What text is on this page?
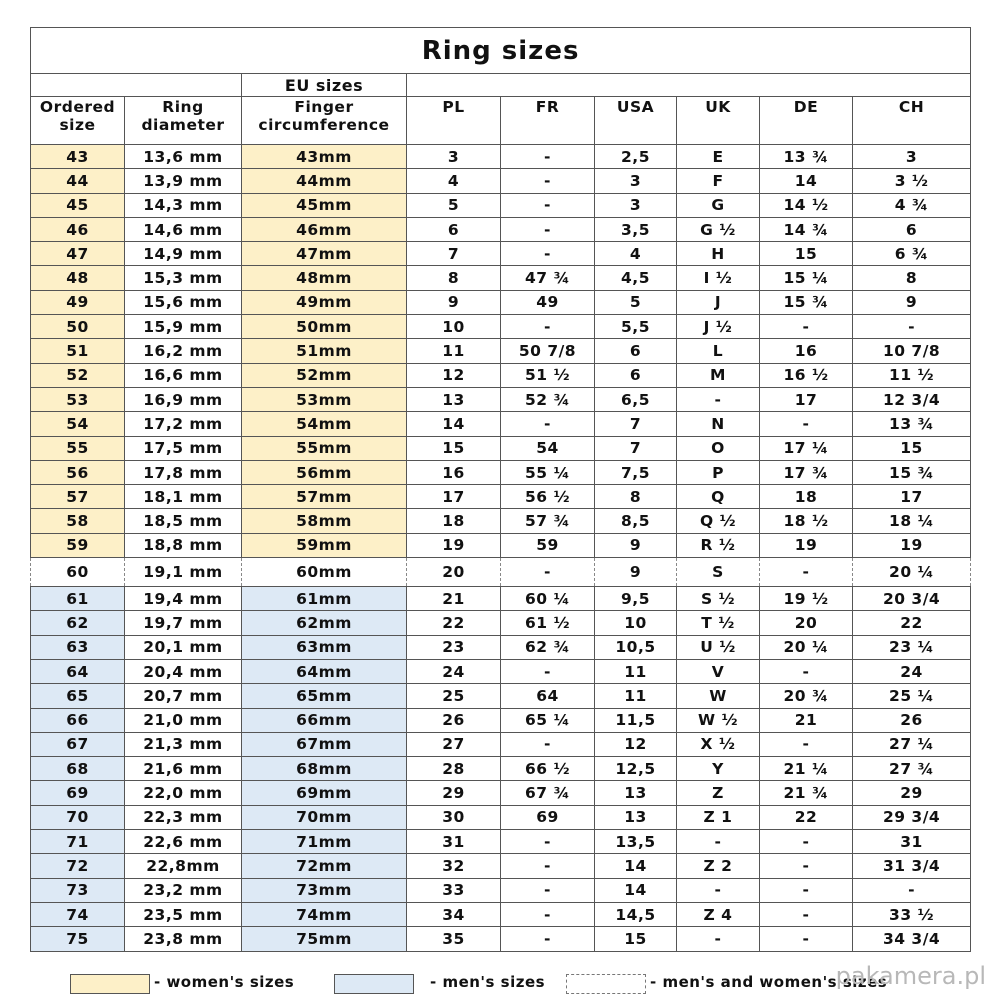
Ring sizes								
		EU sizes						
Ordered size	Ring diameter	Finger circumference	PL	FR	USA	UK	DE	CH
43	13,6 mm	43mm	3	-	2,5	E	13 ¾	3
44	13,9 mm	44mm	4	-	3	F	14	3 ½
45	14,3 mm	45mm	5	-	3	G	14 ½	4 ¾
46	14,6 mm	46mm	6	-	3,5	G ½	14 ¾	6
47	14,9 mm	47mm	7	-	4	H	15	6 ¾
48	15,3 mm	48mm	8	47 ¾	4,5	I ½	15 ¼	8
49	15,6 mm	49mm	9	49	5	J	15 ¾	9
50	15,9 mm	50mm	10	-	5,5	J ½	-	-
51	16,2 mm	51mm	11	50 7/8	6	L	16	10 7/8
52	16,6 mm	52mm	12	51 ½	6	M	16 ½	11 ½
53	16,9 mm	53mm	13	52 ¾	6,5	-	17	12 3/4
54	17,2 mm	54mm	14	-	7	N	-	13 ¾
55	17,5 mm	55mm	15	54	7	O	17 ¼	15
56	17,8 mm	56mm	16	55 ¼	7,5	P	17 ¾	15 ¾
57	18,1 mm	57mm	17	56 ½	8	Q	18	17
58	18,5 mm	58mm	18	57 ¾	8,5	Q ½	18 ½	18 ¼
59	18,8 mm	59mm	19	59	9	R ½	19	19
60	19,1 mm	60mm	20	-	9	S	-	20 ¼
61	19,4 mm	61mm	21	60 ¼	9,5	S ½	19 ½	20 3/4
62	19,7 mm	62mm	22	61 ½	10	T ½	20	22
63	20,1 mm	63mm	23	62 ¾	10,5	U ½	20 ¼	23 ¼
64	20,4 mm	64mm	24	-	11	V	-	24
65	20,7 mm	65mm	25	64	11	W	20 ¾	25 ¼
66	21,0 mm	66mm	26	65 ¼	11,5	W ½	21	26
67	21,3 mm	67mm	27	-	12	X ½	-	27 ¼
68	21,6 mm	68mm	28	66 ½	12,5	Y	21 ¼	27 ¾
69	22,0 mm	69mm	29	67 ¾	13	Z	21 ¾	29
70	22,3 mm	70mm	30	69	13	Z 1	22	29 3/4
71	22,6 mm	71mm	31	-	13,5	-	-	31
72	22,8mm	72mm	32	-	14	Z 2	-	31 3/4
73	23,2 mm	73mm	33	-	14	-	-	-
74	23,5 mm	74mm	34	-	14,5	Z 4	-	33 ½
75	23,8 mm	75mm	35	-	15	-	-	34 3/4
- women's sizes	- men's sizes	- men's and women's sizes
pakamera.pl
